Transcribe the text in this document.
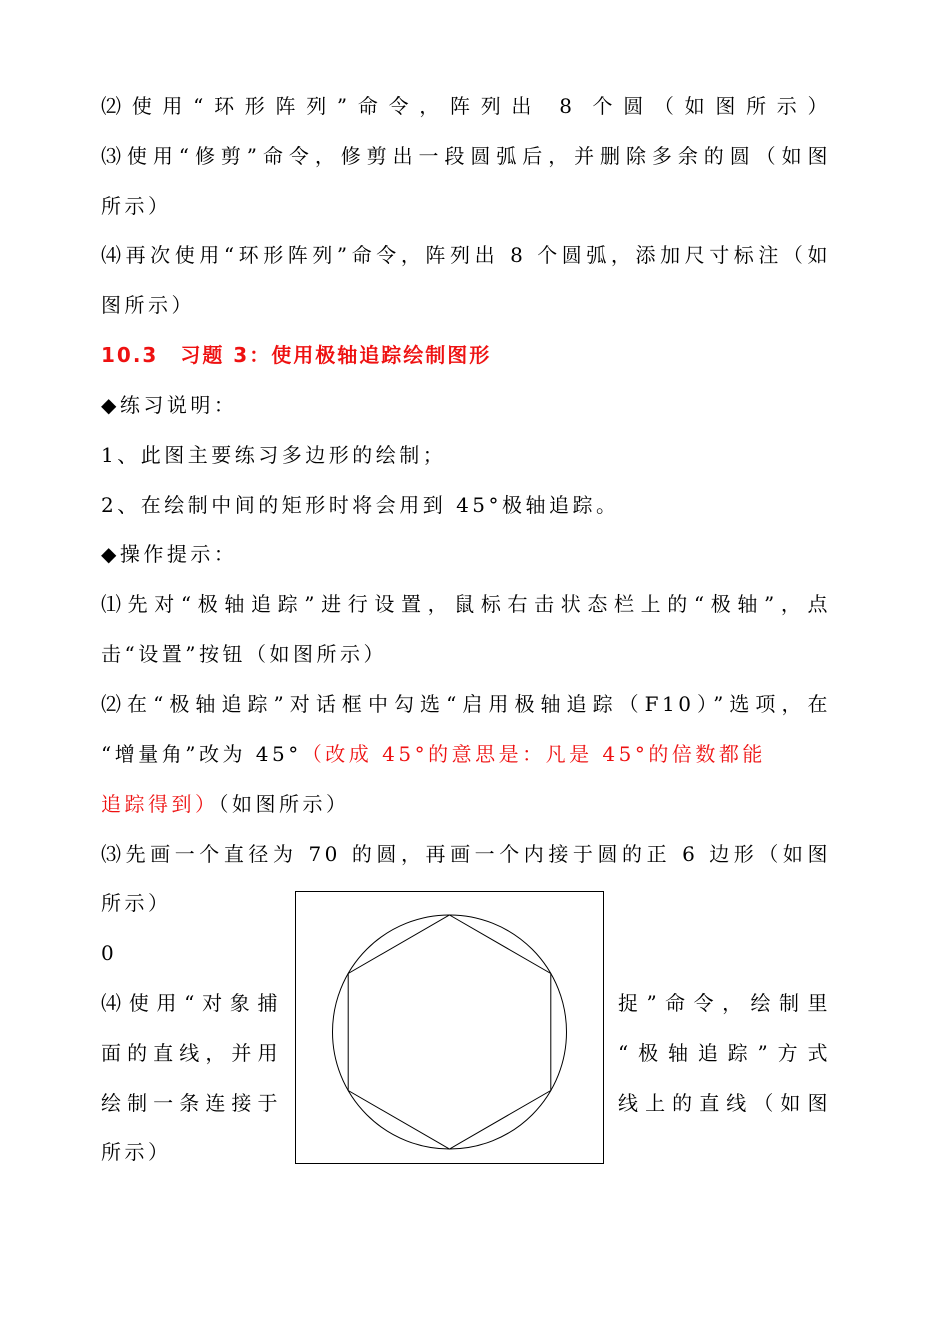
⑵使用“环形阵列”命令，阵列出 8 个圆（如图所示）
⑶使用“修剪”命令，修剪出一段圆弧后，并删除多余的圆（如图
所示）
⑷再次使用“环形阵列”命令，阵列出 8 个圆弧，添加尺寸标注（如
图所示）
10.3　习题 3：使用极轴追踪绘制图形
◆练习说明：
1、此图主要练习多边形的绘制；
2、在绘制中间的矩形时将会用到 45°极轴追踪。
◆操作提示：
⑴先对“极轴追踪”进行设置，鼠标右击状态栏上的“极轴”，点
击“设置”按钮（如图所示）
⑵在“极轴追踪”对话框中勾选“启用极轴追踪（F10）”选项，在
“增量角”改为 45°（改成 45°的意思是：凡是 45°的倍数都能
追踪得到）（如图所示）
⑶先画一个直径为 70 的圆，再画一个内接于圆的正 6 边形（如图
所示）
0
⑷使用“对象捕	捉”命令，绘制里
面的直线，并用	“极轴追踪”方式
绘制一条连接于	线上的直线（如图
所示）
